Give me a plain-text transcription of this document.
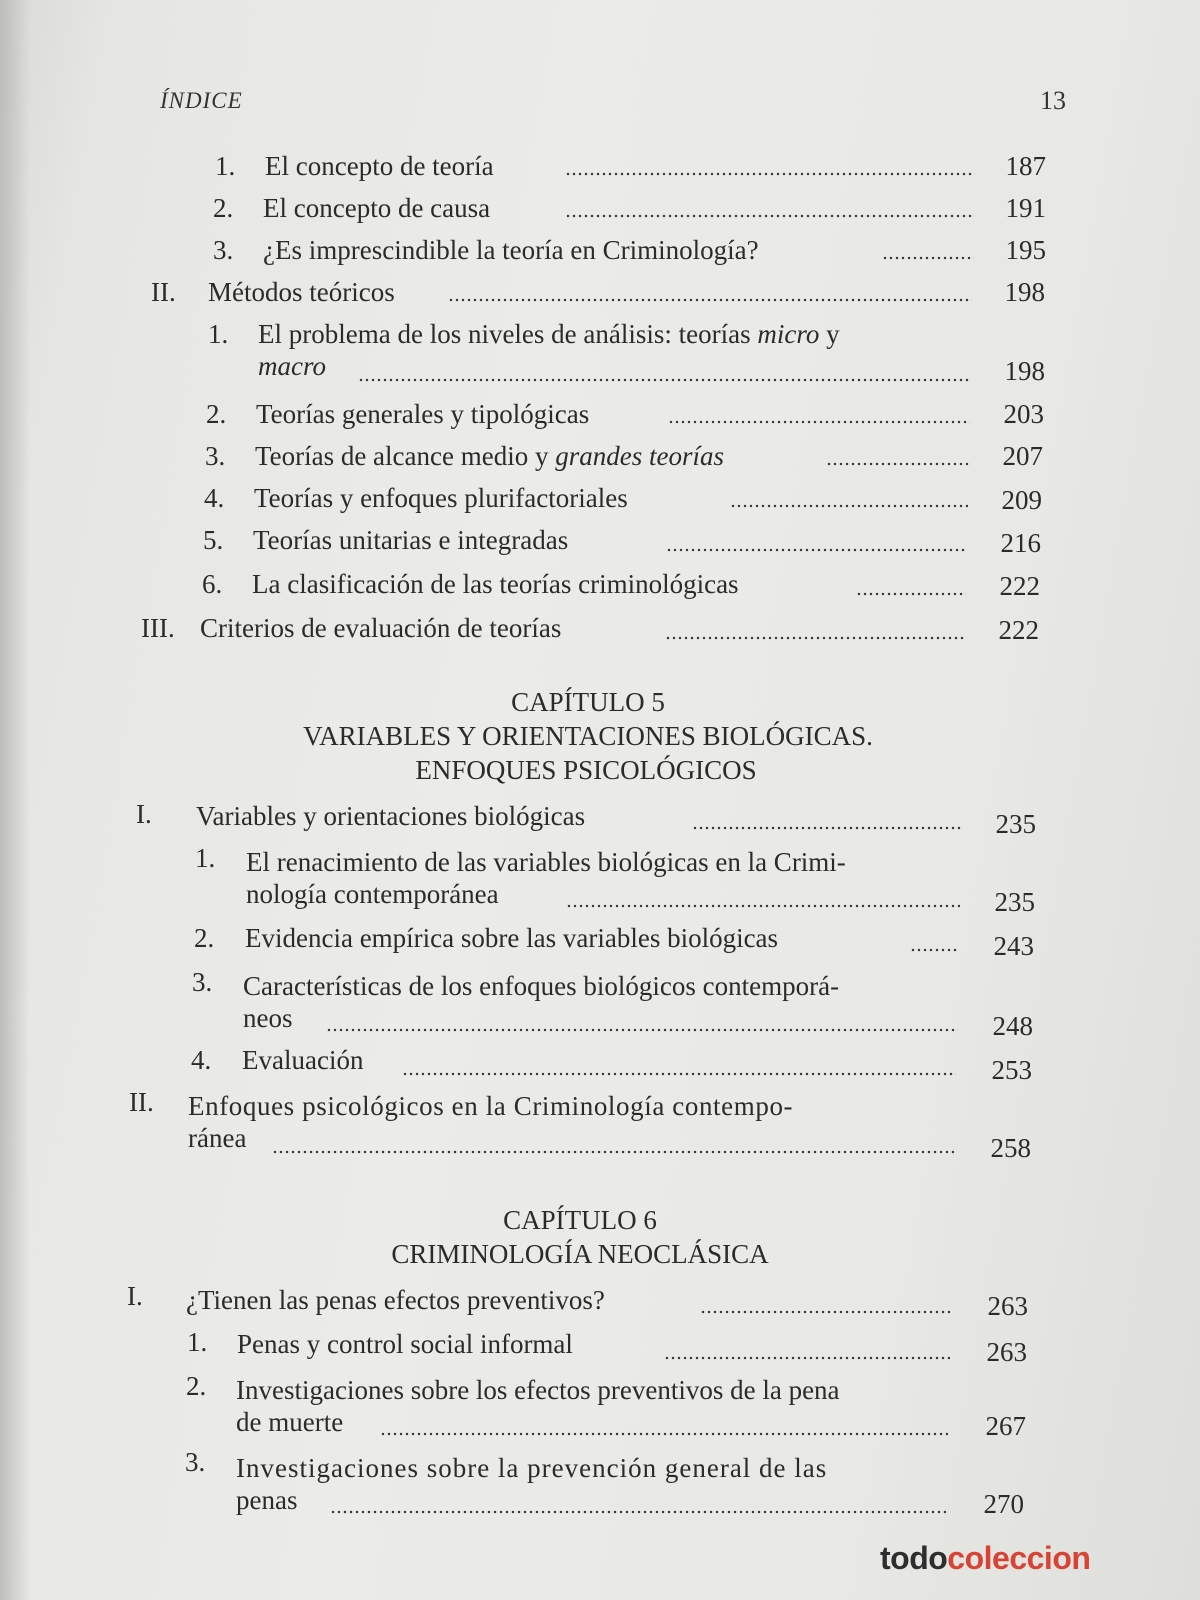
ÍNDICE	13
1. El concepto de teoría	187
2. El concepto de causa	191
3. ¿Es imprescindible la teoría en Criminología?	195
II. Métodos teóricos	198
1. El problema de los niveles de análisis: teorías micro y
macro	198
2. Teorías generales y tipológicas	203
3. Teorías de alcance medio y grandes teorías	207
4. Teorías y enfoques plurifactoriales	209
5. Teorías unitarias e integradas	216
6. La clasificación de las teorías criminológicas	222
III. Criterios de evaluación de teorías	222
CAPÍTULO 5
VARIABLES Y ORIENTACIONES BIOLÓGICAS.
ENFOQUES PSICOLÓGICOS
I. Variables y orientaciones biológicas	235
1. El renacimiento de las variables biológicas en la Crimi-
nología contemporánea	235
2. Evidencia empírica sobre las variables biológicas	243
3. Características de los enfoques biológicos contemporá-
neos	248
4. Evaluación	253
II. Enfoques psicológicos en la Criminología contempo-
ránea	258
CAPÍTULO 6
CRIMINOLOGÍA NEOCLÁSICA
I. ¿Tienen las penas efectos preventivos?	263
1. Penas y control social informal	263
2. Investigaciones sobre los efectos preventivos de la pena
de muerte	267
3. Investigaciones sobre la prevención general de las
penas	270
todocoleccion
